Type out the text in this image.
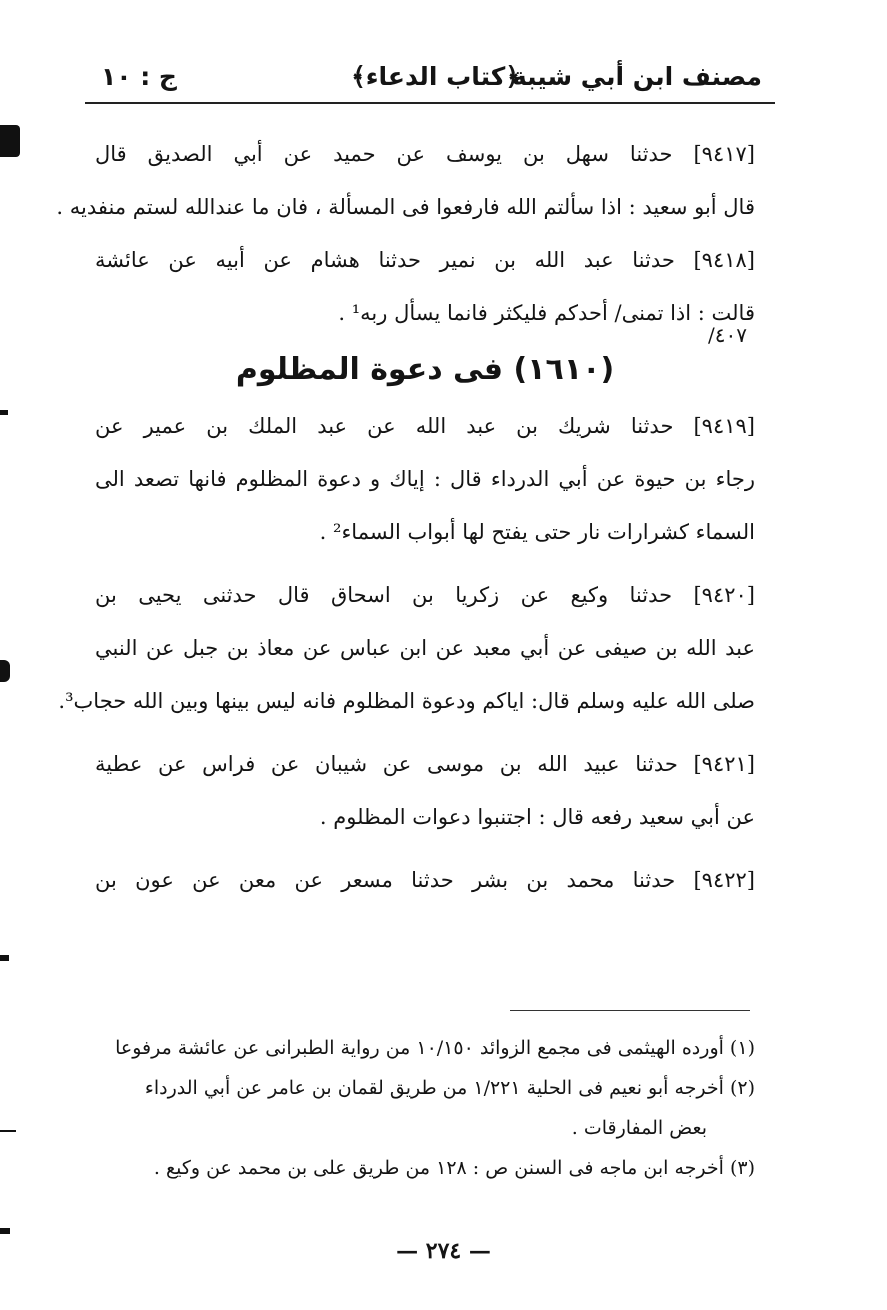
مصنف ابن أبي شيبة
﴿كتاب الدعاء﴾
ج : ١٠
٤٠٧/
[٩٤١٧] حدثنا سهل بن يوسف عن حميد عن أبي الصديق قال
قال أبو سعيد : اذا سألتم الله فارفعوا فى المسألة ، فان ما عندالله لستم منفديه .
[٩٤١٨] حدثنا عبد الله بن نمير حدثنا هشام عن أبيه عن عائشة
قالت : اذا تمنى/ أحدكم فليكثر فانما يسأل ربه¹ .
(١٦١٠) فى دعوة المظلوم
[٩٤١٩] حدثنا شريك بن عبد الله عن عبد الملك بن عمير عن
رجاء بن حيوة عن أبي الدرداء قال : إياك و دعوة المظلوم فانها تصعد الى
السماء كشرارات نار حتى يفتح لها أبواب السماء² .
[٩٤٢٠] حدثنا وكيع عن زكريا بن اسحاق قال حدثنى يحيى بن
عبد الله بن صيفى عن أبي معبد عن ابن عباس عن معاذ بن جبل عن النبي
صلى الله عليه وسلم قال: اياكم ودعوة المظلوم فانه ليس بينها وبين الله حجاب³.
[٩٤٢١] حدثنا عبيد الله بن موسى عن شيبان عن فراس عن عطية
عن أبي سعيد رفعه قال : اجتنبوا دعوات المظلوم .
[٩٤٢٢] حدثنا محمد بن بشر حدثنا مسعر عن معن عن عون بن
(١) أورده الهيثمى فى مجمع الزوائد ١٠/١٥٠ من رواية الطبرانى عن عائشة مرفوعا
(٢) أخرجه أبو نعيم فى الحلية ١/٢٢١ من طريق لقمان بن عامر عن أبي الدرداء
بعض المفارقات .
(٣) أخرجه ابن ماجه فى السنن ص : ١٢٨ من طريق على بن محمد عن وكيع .
— ٢٧٤ —
